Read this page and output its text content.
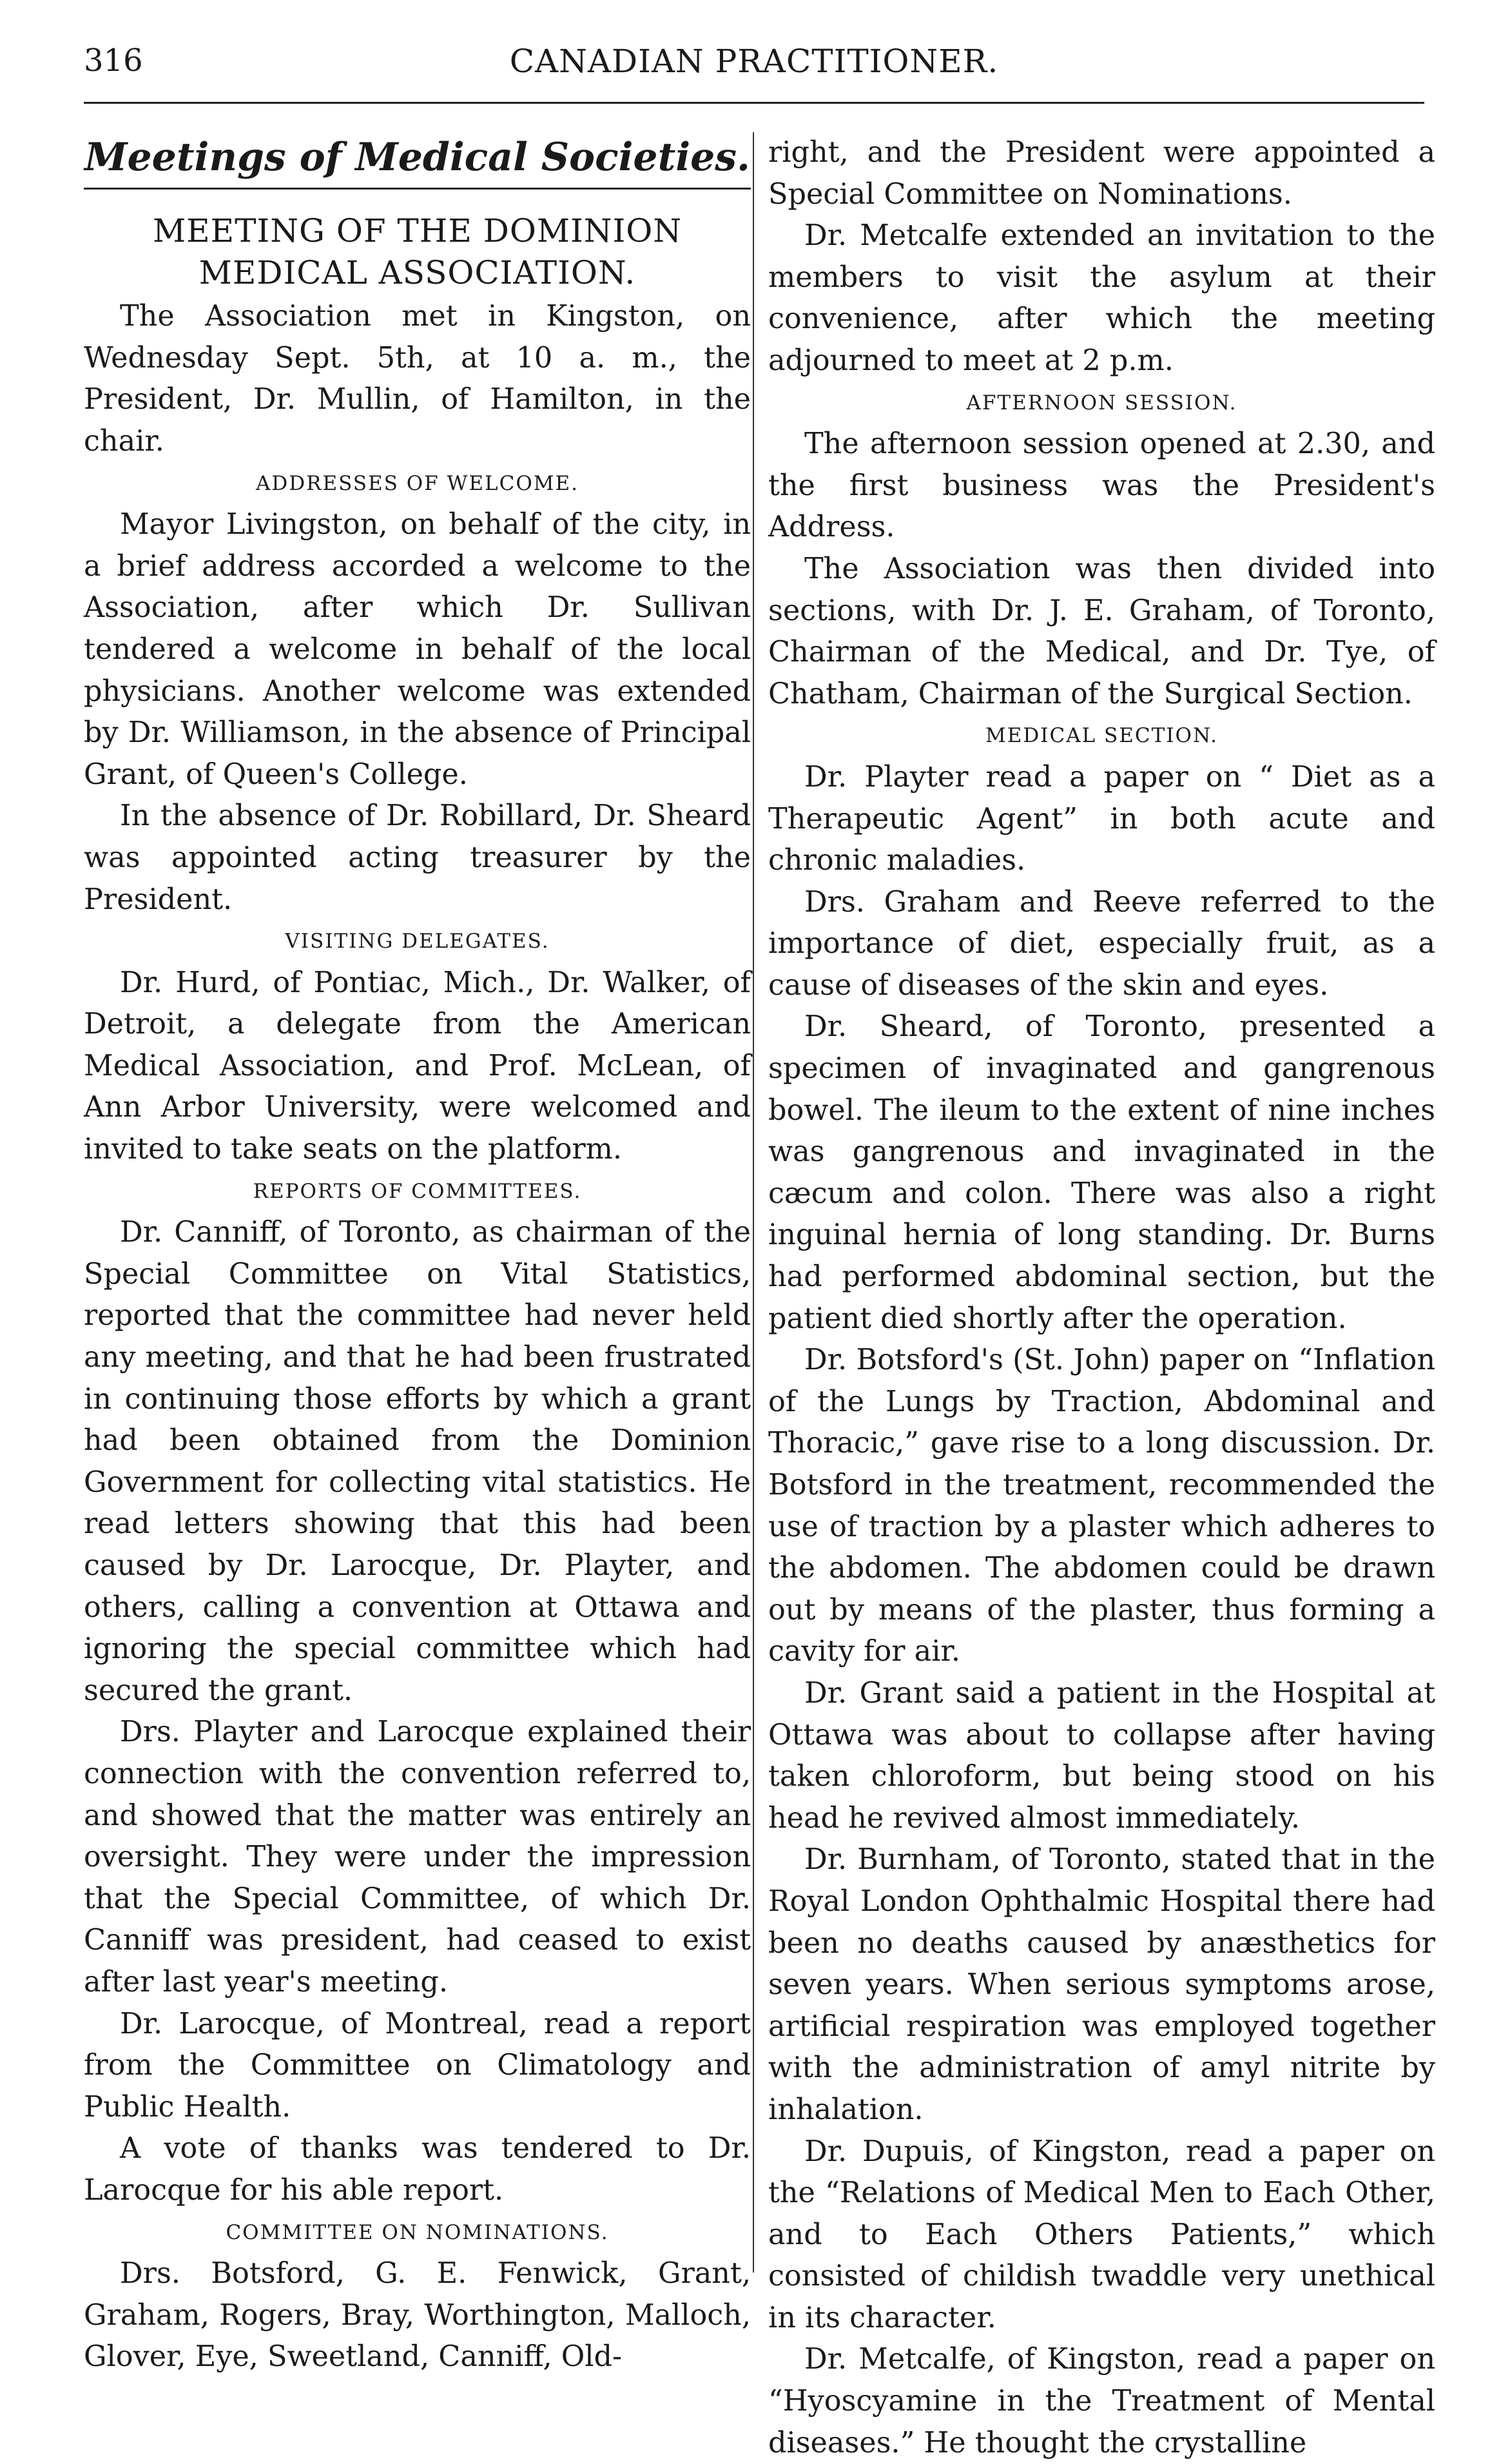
316	CANADIAN PRACTITIONER.
Meetings of Medical Societies.
MEETING OF THE DOMINION MEDICAL ASSOCIATION.

The Association met in Kingston, on Wednesday Sept. 5th, at 10 a. m., the President, Dr. Mullin, of Hamilton, in the chair.

ADDRESSES OF WELCOME.

Mayor Livingston, on behalf of the city, in a brief address accorded a welcome to the Association, after which Dr. Sullivan tendered a welcome in behalf of the local physicians. Another welcome was extended by Dr. Williamson, in the absence of Principal Grant, of Queen's College.

In the absence of Dr. Robillard, Dr. Sheard was appointed acting treasurer by the President.

VISITING DELEGATES.

Dr. Hurd, of Pontiac, Mich., Dr. Walker, of Detroit, a delegate from the American Medical Association, and Prof. McLean, of Ann Arbor University, were welcomed and invited to take seats on the platform.

REPORTS OF COMMITTEES.

Dr. Canniff, of Toronto, as chairman of the Special Committee on Vital Statistics, reported that the committee had never held any meeting, and that he had been frustrated in continuing those efforts by which a grant had been obtained from the Dominion Government for collecting vital statistics. He read letters showing that this had been caused by Dr. Larocque, Dr. Playter, and others, calling a convention at Ottawa and ignoring the special committee which had secured the grant.

Drs. Playter and Larocque explained their connection with the convention referred to, and showed that the matter was entirely an oversight. They were under the impression that the Special Committee, of which Dr. Canniff was president, had ceased to exist after last year's meeting.

Dr. Larocque, of Montreal, read a report from the Committee on Climatology and Public Health.

A vote of thanks was tendered to Dr. Larocque for his able report.

COMMITTEE ON NOMINATIONS.

Drs. Botsford, G. E. Fenwick, Grant, Graham, Rogers, Bray, Worthington, Malloch, Glover, Eye, Sweetland, Canniff, Old-

right, and the President were appointed a Special Committee on Nominations.

Dr. Metcalfe extended an invitation to the members to visit the asylum at their convenience, after which the meeting adjourned to meet at 2 p.m.

AFTERNOON SESSION.

The afternoon session opened at 2.30, and the first business was the President's Address.

The Association was then divided into sections, with Dr. J. E. Graham, of Toronto, Chairman of the Medical, and Dr. Tye, of Chatham, Chairman of the Surgical Section.

MEDICAL SECTION.

Dr. Playter read a paper on “ Diet as a Therapeutic Agent” in both acute and chronic maladies.

Drs. Graham and Reeve referred to the importance of diet, especially fruit, as a cause of diseases of the skin and eyes.

Dr. Sheard, of Toronto, presented a specimen of invaginated and gangrenous bowel. The ileum to the extent of nine inches was gangrenous and invaginated in the cæcum and colon. There was also a right inguinal hernia of long standing. Dr. Burns had performed abdominal section, but the patient died shortly after the operation.

Dr. Botsford's (St. John) paper on “Inflation of the Lungs by Traction, Abdominal and Thoracic,” gave rise to a long discussion. Dr. Botsford in the treatment, recommended the use of traction by a plaster which adheres to the abdomen. The abdomen could be drawn out by means of the plaster, thus forming a cavity for air.

Dr. Grant said a patient in the Hospital at Ottawa was about to collapse after having taken chloroform, but being stood on his head he revived almost immediately.

Dr. Burnham, of Toronto, stated that in the Royal London Ophthalmic Hospital there had been no deaths caused by anæsthetics for seven years. When serious symptoms arose, artificial respiration was employed together with the administration of amyl nitrite by inhalation.

Dr. Dupuis, of Kingston, read a paper on the “Relations of Medical Men to Each Other, and to Each Others Patients,” which consisted of childish twaddle very unethical in its character.

Dr. Metcalfe, of Kingston, read a paper on “Hyoscyamine in the Treatment of Mental diseases.” He thought the crystalline
